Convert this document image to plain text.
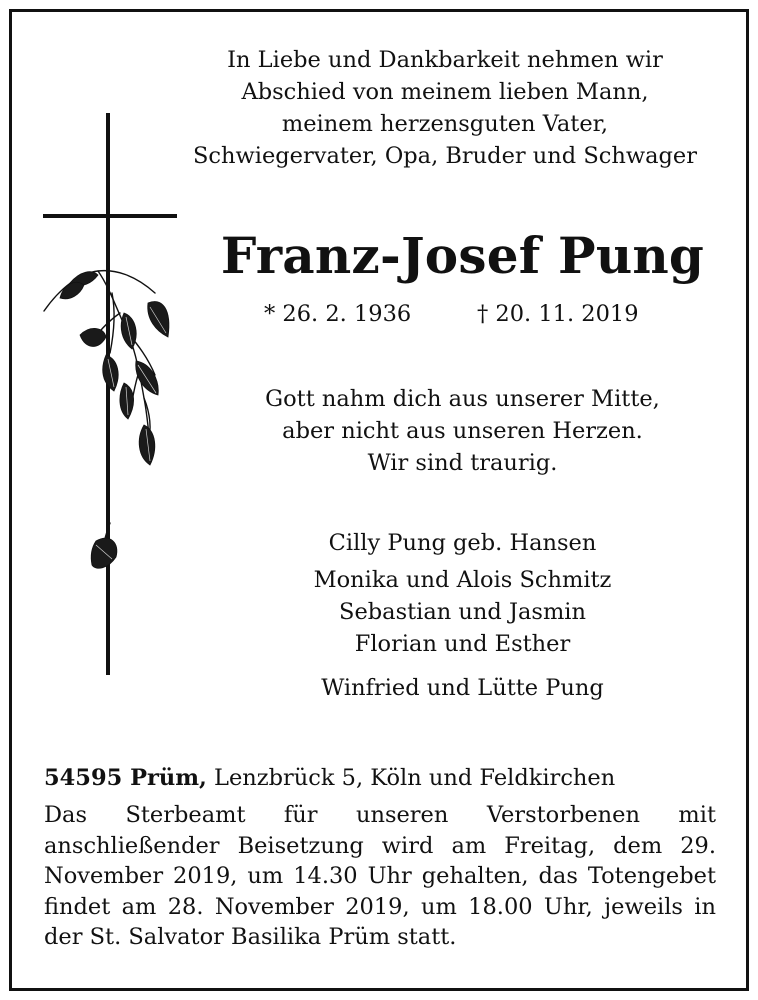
In Liebe und Dankbarkeit nehmen wir
Abschied von meinem lieben Mann,
meinem herzensguten Vater,
Schwiegervater, Opa, Bruder und Schwager
Franz-Josef Pung
* 26. 2. 1936	† 20. 11. 2019
Gott nahm dich aus unserer Mitte,
aber nicht aus unseren Herzen.
Wir sind traurig.
Cilly Pung geb. Hansen
Monika und Alois Schmitz
Sebastian und Jasmin
Florian und Esther
Winfried und Lütte Pung
54595 Prüm, Lenzbrück 5, Köln und Feldkirchen
Das Sterbeamt für unseren Verstorbenen mit anschließender Beisetzung wird am Freitag, dem 29. November 2019, um 14.30 Uhr gehalten, das Totengebet findet am 28. November 2019, um 18.00 Uhr, jeweils in der St. Salvator Basilika Prüm statt.
